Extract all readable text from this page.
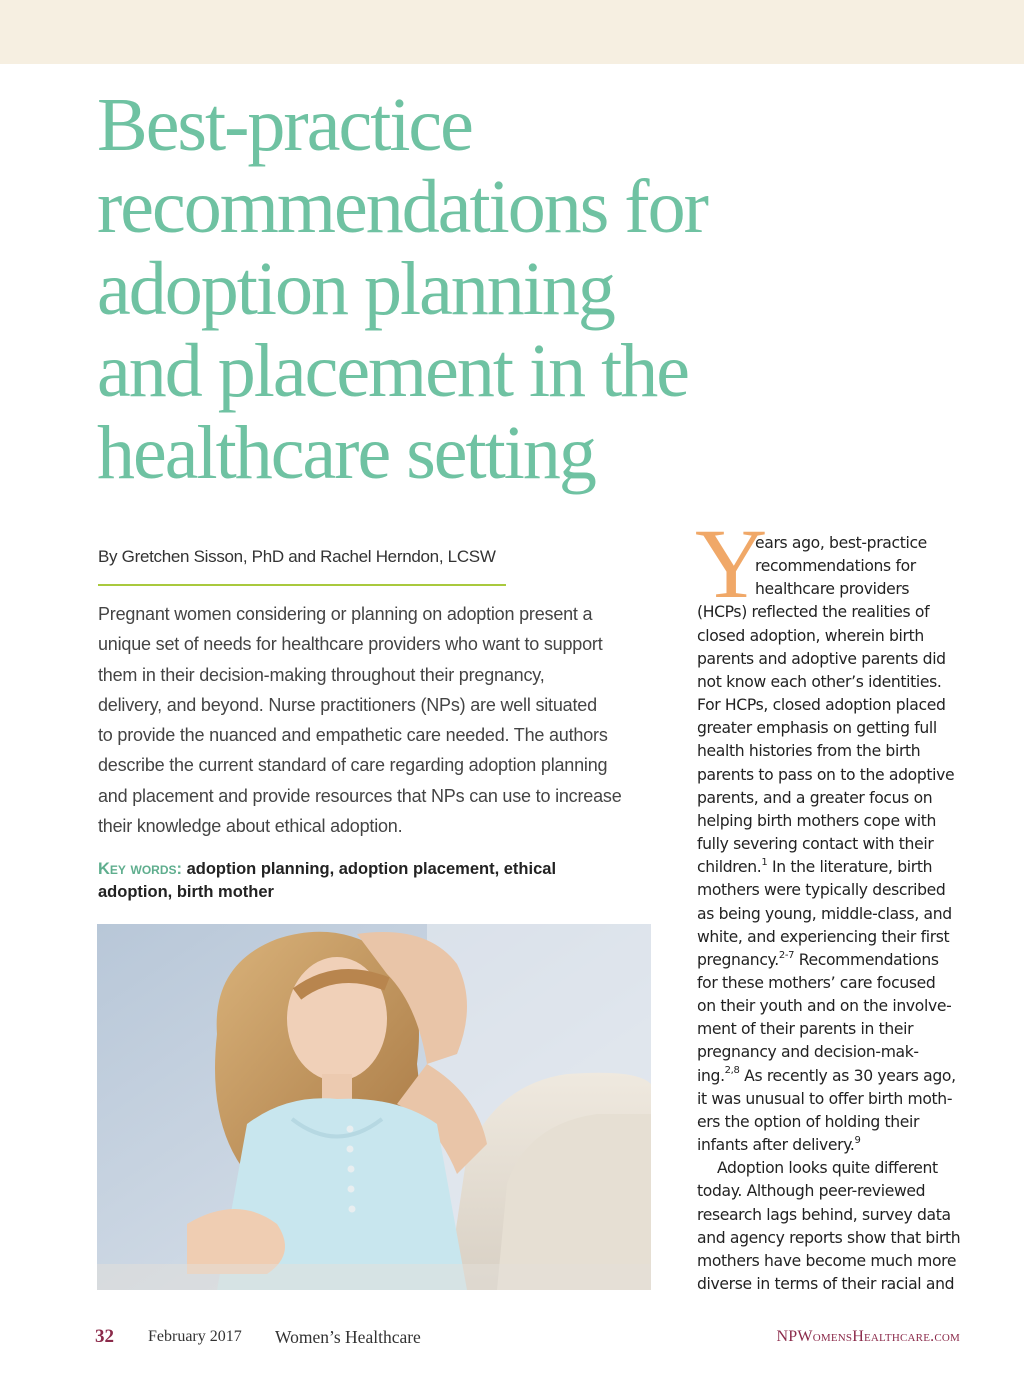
Best-practice
recommendations for
adoption planning
and placement in the
healthcare setting
By Gretchen Sisson, PhD and Rachel Herndon, LCSW
Pregnant women considering or planning on adoption present a
unique set of needs for healthcare providers who want to support
them in their decision-making throughout their pregnancy,
delivery, and beyond. Nurse practitioners (NPs) are well situated
to provide the nuanced and empathetic care needed. The authors
describe the current standard of care regarding adoption planning
and placement and provide resources that NPs can use to increase
their knowledge about ethical adoption.
Key words: adoption planning, adoption placement, ethical
adoption, birth mother
Y
ears ago, best-practice
recommendations for
healthcare providers
(HCPs) reflected the realities of
closed adoption, wherein birth
parents and adoptive parents did
not know each other’s identities.
For HCPs, closed adoption placed
greater emphasis on getting full
health histories from the birth
parents to pass on to the adoptive
parents, and a greater focus on
helping birth mothers cope with
fully severing contact with their
children.$^1$ In the literature, birth
mothers were typically described
as being young, middle-class, and
white, and experiencing their first
pregnancy.$^{2-7}$ Recommendations
for these mothers’ care focused
on their youth and on the involve-
ment of their parents in their
pregnancy and decision-mak-
ing.$^{2,8}$ As recently as 30 years ago,
it was unusual to offer birth moth-
ers the option of holding their
infants after delivery.$^9$
Adoption looks quite different
today. Although peer-reviewed
research lags behind, survey data
and agency reports show that birth
mothers have become much more
diverse in terms of their racial and
32 February 2017 Women’s Healthcare	NPWomensHealthcare.com
